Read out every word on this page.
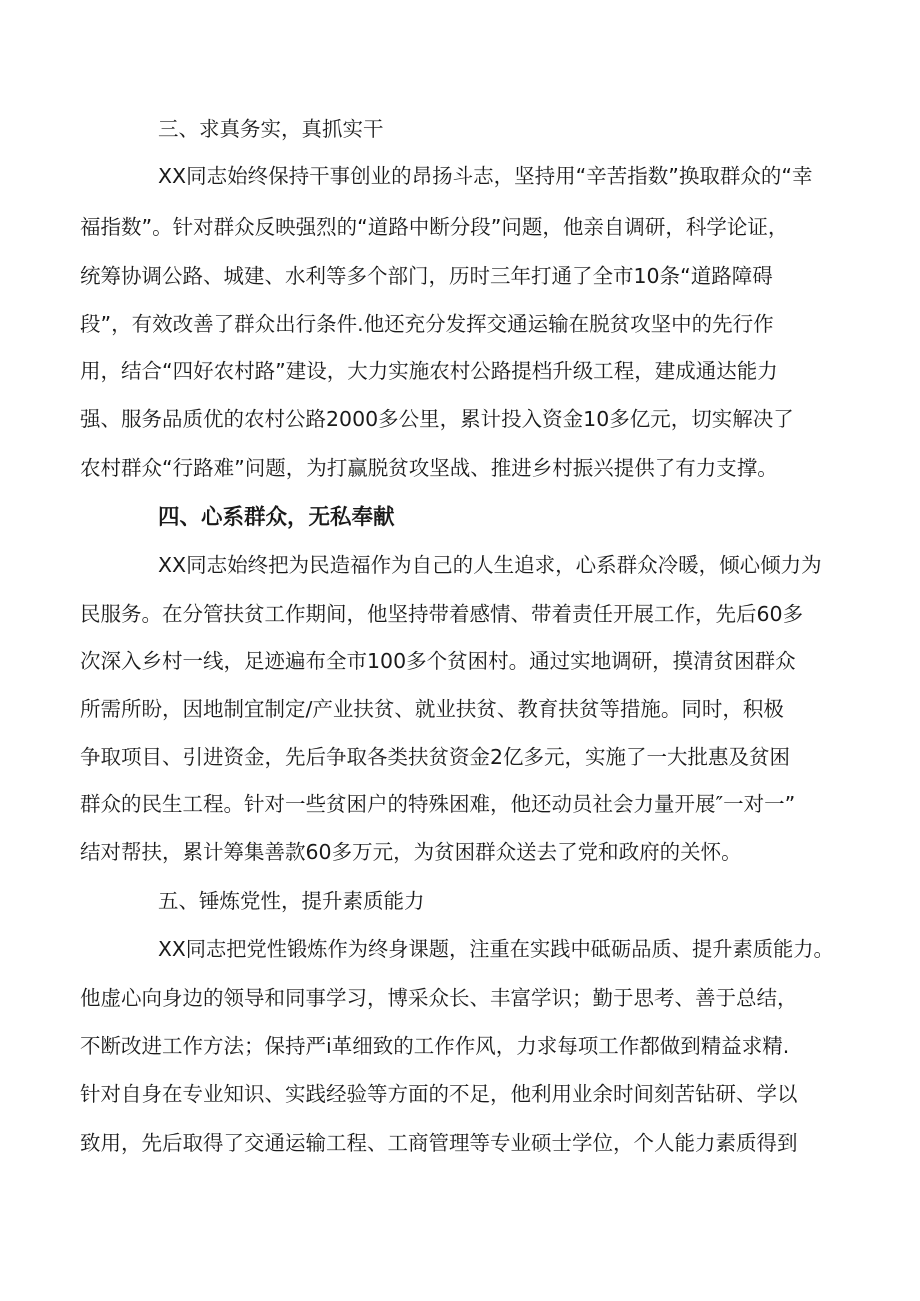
三、求真务实，真抓实干

XX同志始终保持干事创业的昂扬斗志，坚持用“辛苦指数”换取群众的“幸

福指数”。针对群众反映强烈的“道路中断分段”问题，他亲自调研，科学论证，

统筹协调公路、城建、水利等多个部门，历时三年打通了全市10条“道路障碍

段”，有效改善了群众出行条件.他还充分发挥交通运输在脱贫攻坚中的先行作

用，结合“四好农村路”建设，大力实施农村公路提档升级工程，建成通达能力

强、服务品质优的农村公路2000多公里，累计投入资金10多亿元，切实解决了

农村群众“行路难”问题，为打赢脱贫攻坚战、推进乡村振兴提供了有力支撑。

四、心系群众，无私奉献

XX同志始终把为民造福作为自己的人生追求，心系群众冷暖，倾心倾力为

民服务。在分管扶贫工作期间，他坚持带着感情、带着责任开展工作，先后60多

次深入乡村一线，足迹遍布全市100多个贫困村。通过实地调研，摸清贫困群众

所需所盼，因地制宜制定/产业扶贫、就业扶贫、教育扶贫等措施。同时，积极

争取项目、引进资金，先后争取各类扶贫资金2亿多元，实施了一大批惠及贫困

群众的民生工程。针对一些贫困户的特殊困难，他还动员社会力量开展″一对一”

结对帮扶，累计筹集善款60多万元，为贫困群众送去了党和政府的关怀。

五、锤炼党性，提升素质能力

XX同志把党性锻炼作为终身课题，注重在实践中砥砺品质、提升素质能力。

他虚心向身边的领导和同事学习，博采众长、丰富学识；勤于思考、善于总结，

不断改进工作方法；保持严i革细致的工作作风，力求每项工作都做到精益求精.

针对自身在专业知识、实践经验等方面的不足，他利用业余时间刻苦钻研、学以

致用，先后取得了交通运输工程、工商管理等专业硕士学位，个人能力素质得到
